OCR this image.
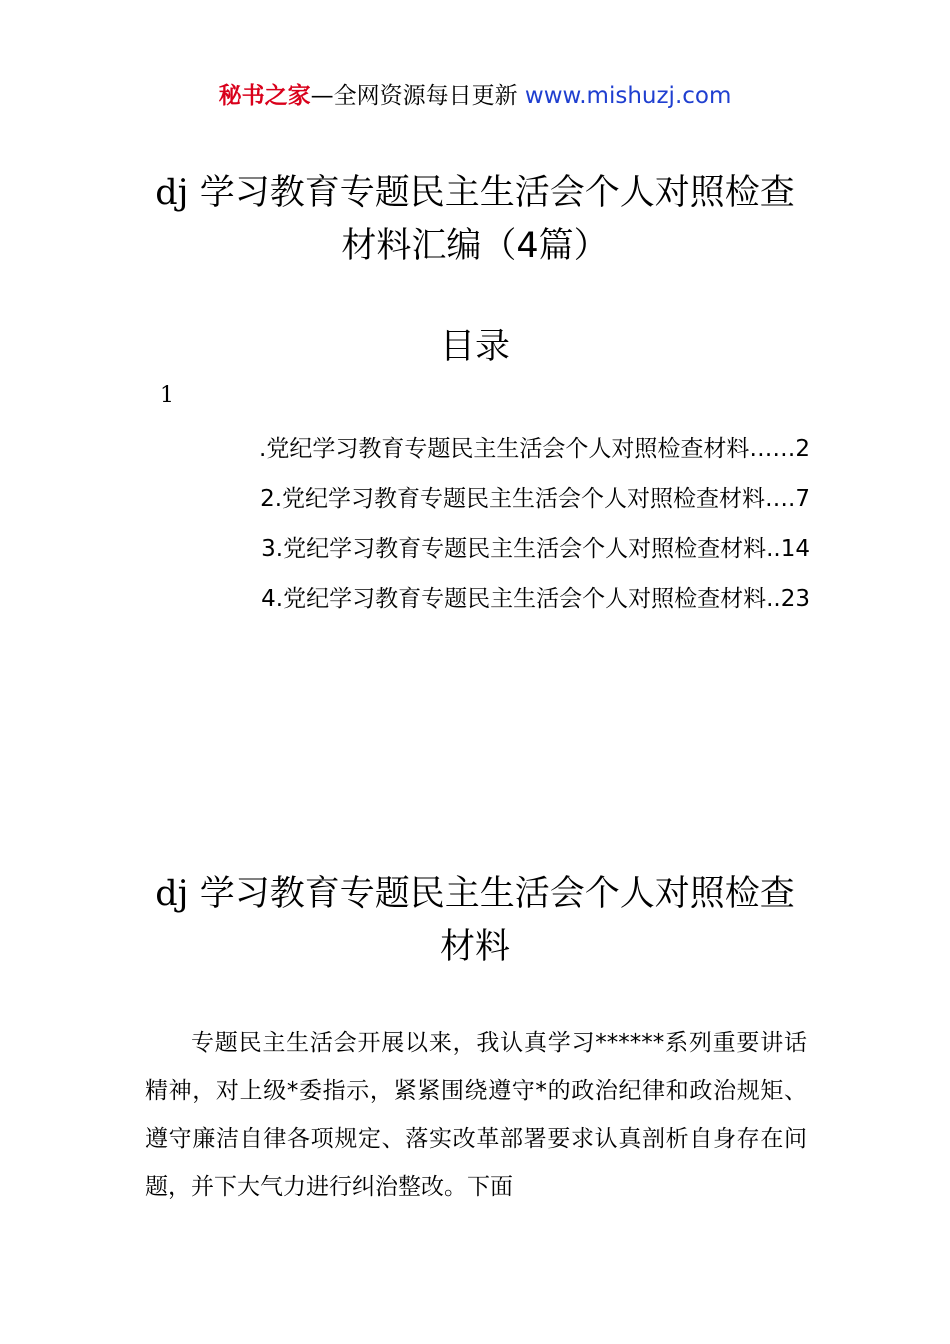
秘书之家—全网资源每日更新 www.mishuzj.com
dj 学习教育专题民主生活会个人对照检查
材料汇编（4篇）
目录
1
.党纪学习教育专题民主生活会个人对照检查材料……2
2.党纪学习教育专题民主生活会个人对照检查材料….7
3.党纪学习教育专题民主生活会个人对照检查材料..14
4.党纪学习教育专题民主生活会个人对照检查材料..23
dj 学习教育专题民主生活会个人对照检查
材料

专题民主生活会开展以来，我认真学习******系列重要讲话精神，对上级*委指示，紧紧围绕遵守*的政治纪律和政治规矩、遵守廉洁自律各项规定、落实改革部署要求认真剖析自身存在问题，并下大气力进行纠治整改。下面
